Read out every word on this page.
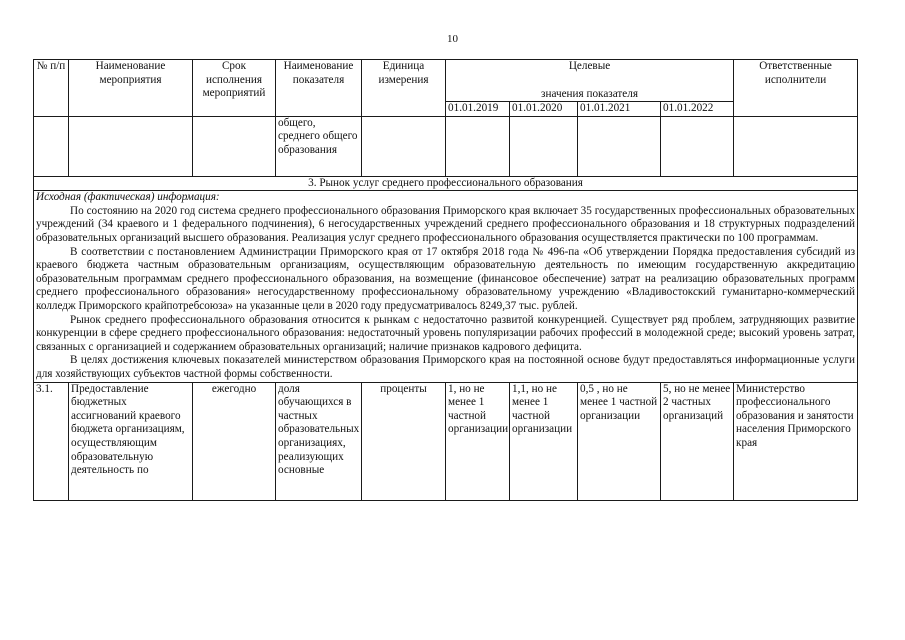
10
№ п/п	Наименование мероприятия	Срок исполнения мероприятий	Наименование показателя	Единица измерения	Целевые				Ответственные исполнители
					значения показателя				
					01.01.2019	01.01.2020	01.01.2021	01.01.2022	
			общего, среднего общего образования						
3. Рынок услуг среднего профессионального образования									

Исходная (фактическая) информация:

По состоянию на 2020 год система среднего профессионального образования Приморского края включает 35 государственных профессиональных образовательных учреждений (34 краевого и 1 федерального подчинения), 6 негосударственных учреждений среднего профессионального образования и 18 структурных подразделений образовательных организаций высшего образования. Реализация услуг среднего профессионального образования осуществляется практически по 100 программам.

В соответствии с постановлением Администрации Приморского края от 17 октября 2018 года № 496-па «Об утверждении Порядка предоставления субсидий из краевого бюджета частным образовательным организациям, осуществляющим образовательную деятельность по имеющим государственную аккредитацию образовательным программам среднего профессионального образования, на возмещение (финансовое обеспечение) затрат на реализацию образовательных программ среднего профессионального образования» негосударственному профессиональному образовательному учреждению «Владивостокский гуманитарно-коммерческий колледж Приморского крайпотребсоюза» на указанные цели в 2020 году предусматривалось 8249,37 тыс. рублей.

Рынок среднего профессионального образования относится к рынкам с недостаточно развитой конкуренцией. Существует ряд проблем, затрудняющих развитие конкуренции в сфере среднего профессионального образования: недостаточный уровень популяризации рабочих профессий в молодежной среде; высокий уровень затрат, связанных с организацией и содержанием образовательных организаций; наличие признаков кадрового дефицита.

В целях достижения ключевых показателей министерством образования Приморского края на постоянной основе будут предоставляться информационные услуги для хозяйствующих субъектов частной формы собственности.									

3.1.	Предоставление бюджетных ассигнований краевого бюджета организациям, осуществляющим образовательную деятельность по	ежегодно	доля обучающихся в частных образовательных организациях, реализующих основные	проценты	1, но не менее 1 частной организации	1,1, но не менее 1 частной организации	0,5 , но не менее 1 частной организации	5, но не менее 2 частных организаций	Министерство профессионального образования и занятости населения Приморского края
